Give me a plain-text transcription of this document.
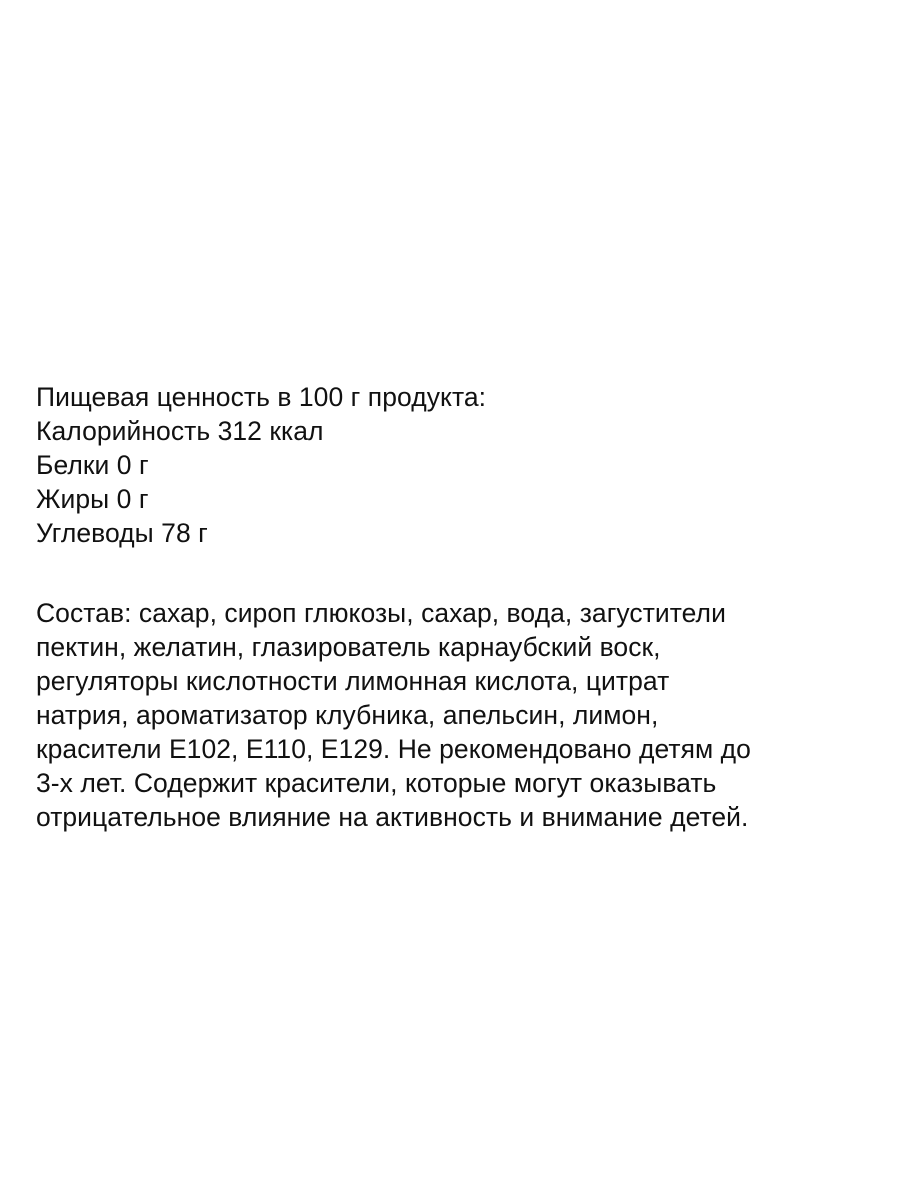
Пищевая ценность в 100 г продукта:
Калорийность 312 ккал
Белки 0 г
Жиры 0 г
Углеводы 78 г
Состав: сахар, сироп глюкозы, сахар, вода, загустители
пектин, желатин, глазирователь карнаубский воск,
регуляторы кислотности лимонная кислота, цитрат
натрия, ароматизатор клубника, апельсин, лимон,
красители Е102, Е110, Е129. Не рекомендовано детям до
3-х лет. Содержит красители, которые могут оказывать
отрицательное влияние на активность и внимание детей.
